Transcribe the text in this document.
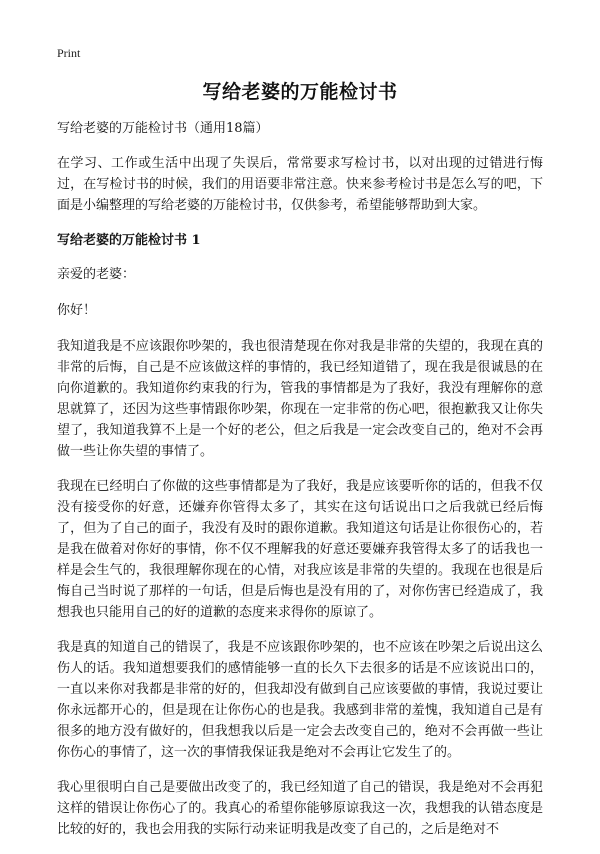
Print
写给老婆的万能检讨书

写给老婆的万能检讨书（通用18篇）

在学习、工作或生活中出现了失误后，常常要求写检讨书，以对出现的过错进行悔过，在写检讨书的时候，我们的用语要非常注意。快来参考检讨书是怎么写的吧，下面是小编整理的写给老婆的万能检讨书，仅供参考，希望能够帮助到大家。

写给老婆的万能检讨书 1

亲爱的老婆：

你好！

我知道我是不应该跟你吵架的，我也很清楚现在你对我是非常的失望的，我现在真的非常的后悔，自己是不应该做这样的事情的，我已经知道错了，现在我是很诚恳的在向你道歉的。我知道你约束我的行为，管我的事情都是为了我好，我没有理解你的意思就算了，还因为这些事情跟你吵架，你现在一定非常的伤心吧，很抱歉我又让你失望了，我知道我算不上是一个好的老公，但之后我是一定会改变自己的，绝对不会再做一些让你失望的事情了。

我现在已经明白了你做的这些事情都是为了我好，我是应该要听你的话的，但我不仅没有接受你的好意，还嫌弃你管得太多了，其实在这句话说出口之后我就已经后悔了，但为了自己的面子，我没有及时的跟你道歉。我知道这句话是让你很伤心的，若是我在做着对你好的事情，你不仅不理解我的好意还要嫌弃我管得太多了的话我也一样是会生气的，我很理解你现在的心情，对我应该是非常的失望的。我现在也很是后悔自己当时说了那样的一句话，但是后悔也是没有用的了，对你伤害已经造成了，我想我也只能用自己的好的道歉的态度来求得你的原谅了。

我是真的知道自己的错误了，我是不应该跟你吵架的，也不应该在吵架之后说出这么伤人的话。我知道想要我们的感情能够一直的长久下去很多的话是不应该说出口的，一直以来你对我都是非常的好的，但我却没有做到自己应该要做的事情，我说过要让你永远都开心的，但是现在让你伤心的也是我。我感到非常的羞愧，我知道自己是有很多的地方没有做好的，但我想我以后是一定会去改变自己的，绝对不会再做一些让你伤心的事情了，这一次的事情我保证我是绝对不会再让它发生了的。

我心里很明白自己是要做出改变了的，我已经知道了自己的错误，我是绝对不会再犯这样的错误让你伤心了的。我真心的希望你能够原谅我这一次，我想我的认错态度是比较的好的，我也会用我的实际行动来证明我是改变了自己的，之后是绝对不
